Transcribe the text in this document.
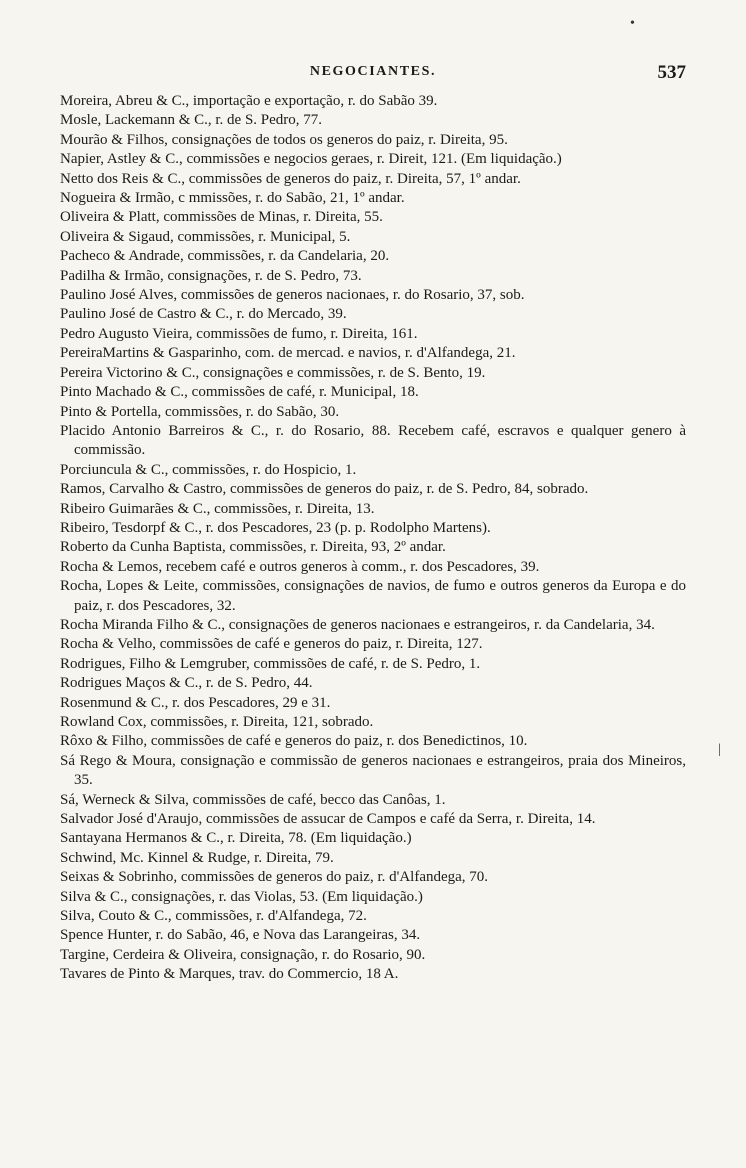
NEGOCIANTES.	537
•
|
Moreira, Abreu & C., importação e exportação, r. do Sabão 39.
Mosle, Lackemann & C., r. de S. Pedro, 77.
Mourão & Filhos, consignações de todos os generos do paiz, r. Direita, 95.
Napier, Astley & C., commissões e negocios geraes, r. Direit, 121. (Em liquidação.)
Netto dos Reis & C., commissões de generos do paiz, r. Direita, 57, 1º andar.
Nogueira & Irmão, c mmissões, r. do Sabão, 21, 1º andar.
Oliveira & Platt, commissões de Minas, r. Direita, 55.
Oliveira & Sigaud, commissões, r. Municipal, 5.
Pacheco & Andrade, commissões, r. da Candelaria, 20.
Padilha & Irmão, consignações, r. de S. Pedro, 73.
Paulino José Alves, commissões de generos nacionaes, r. do Rosario, 37, sob.
Paulino José de Castro & C., r. do Mercado, 39.
Pedro Augusto Vieira, commissões de fumo, r. Direita, 161.
PereiraMartins & Gasparinho, com. de mercad. e navios, r. d'Alfandega, 21.
Pereira Victorino & C., consignações e commissões, r. de S. Bento, 19.
Pinto Machado & C., commissões de café, r. Municipal, 18.
Pinto & Portella, commissões, r. do Sabão, 30.
Placido Antonio Barreiros & C., r. do Rosario, 88. Recebem café, escravos e qualquer genero à commissão.
Porciuncula & C., commissões, r. do Hospicio, 1.
Ramos, Carvalho & Castro, commissões de generos do paiz, r. de S. Pedro, 84, sobrado.
Ribeiro Guimarães & C., commissões, r. Direita, 13.
Ribeiro, Tesdorpf & C., r. dos Pescadores, 23 (p. p. Rodolpho Martens).
Roberto da Cunha Baptista, commissões, r. Direita, 93, 2º andar.
Rocha & Lemos, recebem café e outros generos à comm., r. dos Pescadores, 39.
Rocha, Lopes & Leite, commissões, consignações de navios, de fumo e outros generos da Europa e do paiz, r. dos Pescadores, 32.
Rocha Miranda Filho & C., consignações de generos nacionaes e estrangeiros, r. da Candelaria, 34.
Rocha & Velho, commissões de café e generos do paiz, r. Direita, 127.
Rodrigues, Filho & Lemgruber, commissões de café, r. de S. Pedro, 1.
Rodrigues Maços & C., r. de S. Pedro, 44.
Rosenmund & C., r. dos Pescadores, 29 e 31.
Rowland Cox, commissões, r. Direita, 121, sobrado.
Rôxo & Filho, commissões de café e generos do paiz, r. dos Benedictinos, 10.
Sá Rego & Moura, consignação e commissão de generos nacionaes e estrangeiros, praia dos Mineiros, 35.
Sá, Werneck & Silva, commissões de café, becco das Canôas, 1.
Salvador José d'Araujo, commissões de assucar de Campos e café da Serra, r. Direita, 14.
Santayana Hermanos & C., r. Direita, 78. (Em liquidação.)
Schwind, Mc. Kinnel & Rudge, r. Direita, 79.
Seixas & Sobrinho, commissões de generos do paiz, r. d'Alfandega, 70.
Silva & C., consignações, r. das Violas, 53. (Em liquidação.)
Silva, Couto & C., commissões, r. d'Alfandega, 72.
Spence Hunter, r. do Sabão, 46, e Nova das Larangeiras, 34.
Targine, Cerdeira & Oliveira, consignação, r. do Rosario, 90.
Tavares de Pinto & Marques, trav. do Commercio, 18 A.
